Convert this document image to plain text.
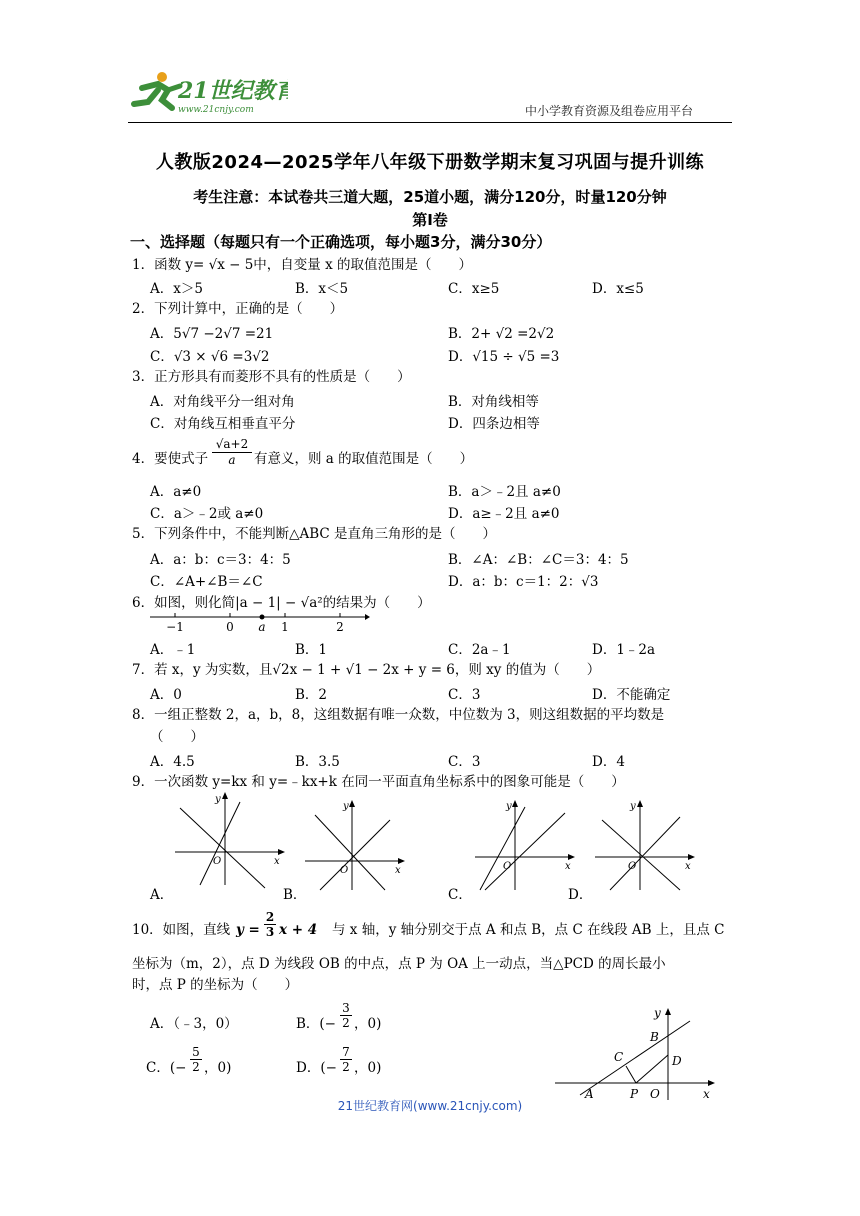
21世纪教育
www.21cnjy.com	中小学教育资源及组卷应用平台
人教版2024—2025学年八年级下册数学期末复习巩固与提升训练
考生注意：本试卷共三道大题，25道小题，满分120分，时量120分钟
第Ⅰ卷
一、选择题（每题只有一个正确选项，每小题3分，满分30分）
1．函数 y= √x − 5中，自变量 x 的取值范围是（　　）
A．x＞5	B．x＜5	C．x≥5	D．x≤5
2．下列计算中，正确的是（　　）
A．5√7 −2√7 =21	B．2+ √2 =2√2
C．√3 × √6 =3√2	D．√15 ÷ √5 =3
3．正方形具有而菱形不具有的性质是（　　）
A．对角线平分一组对角	B．对角线相等
C．对角线互相垂直平分	D．四条边相等
4．要使式子 $\frac{√a+2}{a}$ 有意义，则 a 的取值范围是（　　）
A．a≠0	B．a＞﹣2且 a≠0
C．a＞﹣2或 a≠0	D．a≥﹣2且 a≠0
5．下列条件中，不能判断△ABC 是直角三角形的是（　　）
A．a：b：c＝3：4：5	B．∠A：∠B：∠C＝3：4：5
C．∠A+∠B＝∠C	D．a：b：c＝1：2：√3
6．如图，则化简|a − 1| − √a²的结果为（　　）
−1	0 a 1	2
A．﹣1	B．1	C．2a﹣1	D．1﹣2a
7．若 x，y 为实数，且√2x − 1 + √1 − 2x + y = 6，则 xy 的值为（　　）
A．0	B．2	C．3	D．不能确定
8．一组正整数 2，a，b，8，这组数据有唯一众数，中位数为 3，则这组数据的平均数是
（　　）
A．4.5	B．3.5	C．3	D．4
9．一次函数 y=kx 和 y=﹣kx+k 在同一平面直角坐标系中的图象可能是（　　）
y
x
O
A．
y
x
O
B．
y
x
O
C．
y
x
O
D．
10．如图，直线 y =
2
3 x + 4 与 x 轴，y 轴分别交于点 A 和点 B，点 C 在线段 AB 上，且点 C
坐标为（m，2），点 D 为线段 OB 的中点，点 P 为 OA 上一动点，当△PCD 的周长最小
时，点 P 的坐标为（　　）
A．（﹣3，0）	B．(−
3
2 ，0)
C．(−
5
2 ，0)	D．(−
7
2 ，0)
y
B
C	D
A	P O	x
21世纪教育网(www.21cnjy.com)
